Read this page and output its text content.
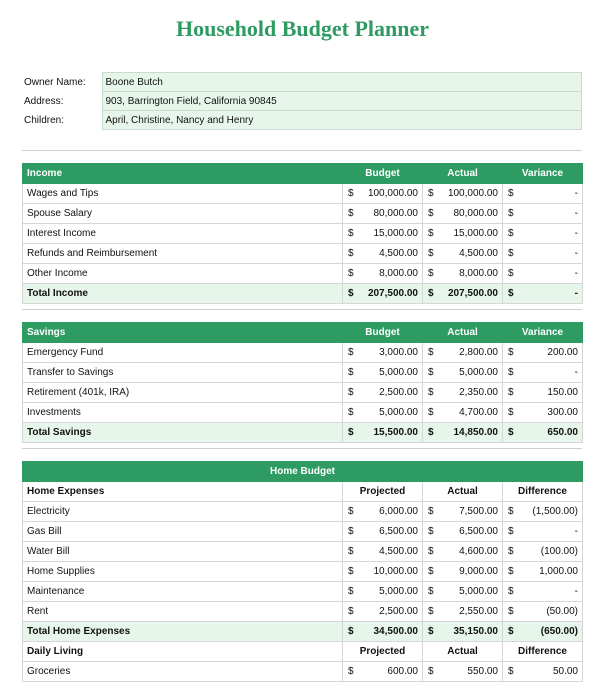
Household Budget Planner
Owner Name:	Boone Butch
Address:	903, Barrington Field, California 90845
Children:	April, Christine, Nancy and Henry
Income	Budget	Actual	Variance
Wages and Tips	$ 100,000.00	$ 100,000.00	$ -
Spouse Salary	$ 80,000.00	$ 80,000.00	$ -
Interest Income	$ 15,000.00	$ 15,000.00	$ -
Refunds and Reimbursement	$ 4,500.00	$ 4,500.00	$ -
Other Income	$ 8,000.00	$ 8,000.00	$ -
Total Income	$ 207,500.00	$ 207,500.00	$ -
Savings	Budget	Actual	Variance
Emergency Fund	$ 3,000.00	$ 2,800.00	$ 200.00
Transfer to Savings	$ 5,000.00	$ 5,000.00	$ -
Retirement (401k, IRA)	$ 2,500.00	$ 2,350.00	$ 150.00
Investments	$ 5,000.00	$ 4,700.00	$ 300.00
Total Savings	$ 15,500.00	$ 14,850.00	$ 650.00
Home Budget			
Home Expenses	Projected	Actual	Difference
Electricity	$ 6,000.00	$ 7,500.00	$ (1,500.00)
Gas Bill	$ 6,500.00	$ 6,500.00	$ -
Water Bill	$ 4,500.00	$ 4,600.00	$ (100.00)
Home Supplies	$ 10,000.00	$ 9,000.00	$ 1,000.00
Maintenance	$ 5,000.00	$ 5,000.00	$ -
Rent	$ 2,500.00	$ 2,550.00	$ (50.00)
Total Home Expenses	$ 34,500.00	$ 35,150.00	$ (650.00)
Daily Living	Projected	Actual	Difference
Groceries	$ 600.00	$ 550.00	$ 50.00
